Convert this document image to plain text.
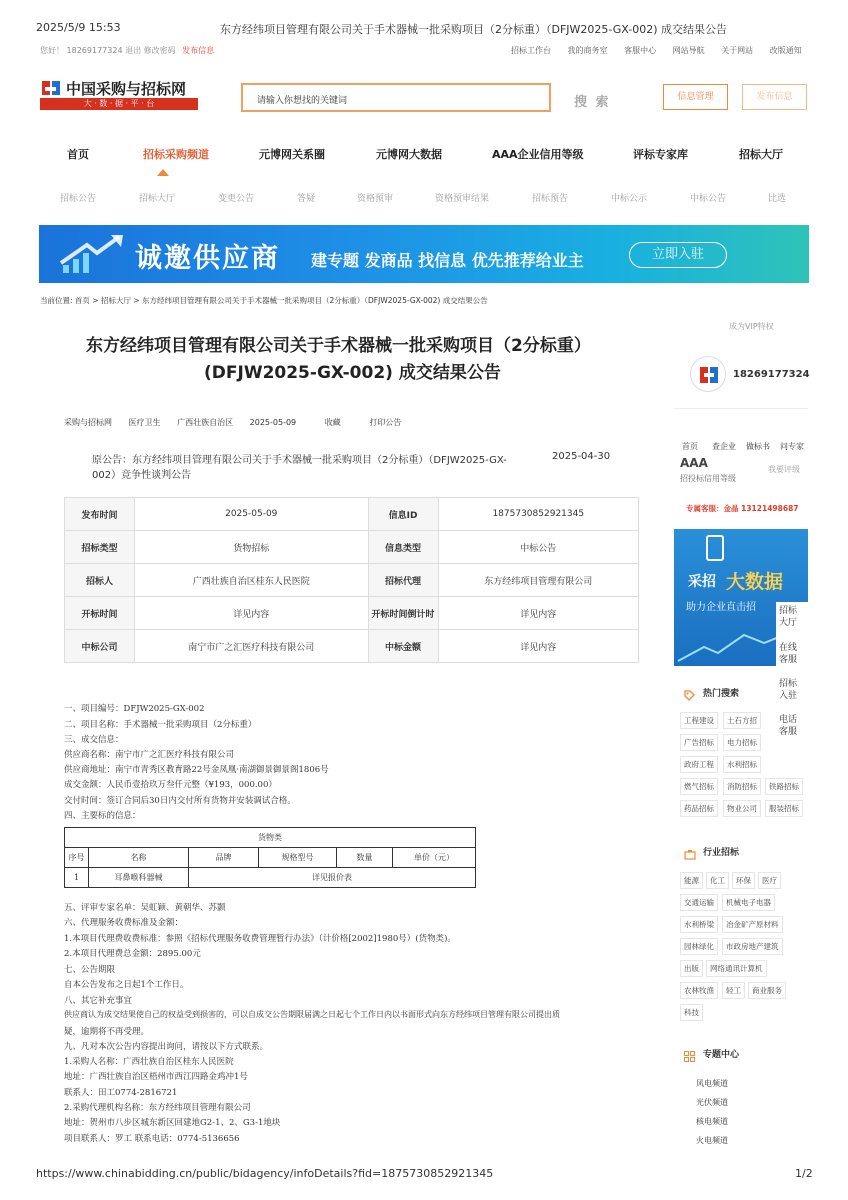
2025/5/9 15:53	东方经纬项目管理有限公司关于手术器械一批采购项目（2分标重）（DFJW2025-GX-002) 成交结果公告
您好！ 18269177324 退出 修改密码 发布信息	招标工作台 我的商务室 客服中心 网站导航 关于网站 改版通知
中国采购与招标网
大 · 数 · 据 · 平 · 台	请输入你想找的关键词	搜 索	信息管理	发布信息
首页	招标采购频道	元博网关系圈	元博网大数据	AAA企业信用等级	评标专家库	招标大厅
招标公告	招标大厅	变更公告	答疑	资格预审	资格预审结果	招标预告	中标公示	中标公告	比选
诚邀供应商 建专题 发商品 找信息 优先推荐给业主	立即入驻
当前位置: 首页 > 招标大厅 > 东方经纬项目管理有限公司关于手术器械一批采购项目（2分标重）（DFJW2025-GX-002) 成交结果公告
东方经纬项目管理有限公司关于手术器械一批采购项目（2分标重）
(DFJW2025-GX-002) 成交结果公告
采购与招标网 医疗卫生 广西壮族自治区 2025-05-09	收藏	打印公告
原公告：东方经纬项目管理有限公司关于手术器械一批采购项目（2分标重）（DFJW2025-GX-
002）竞争性谈判公告
2025-04-30
发布时间	2025-05-09	信息ID	1875730852921345
招标类型	货物招标	信息类型	中标公告
招标人	广西壮族自治区桂东人民医院	招标代理	东方经纬项目管理有限公司
开标时间	详见内容	开标时间倒计时	详见内容
中标公司	南宁市广之汇医疗科技有限公司	中标金额	详见内容
一、项目编号：DFJW2025-GX-002
二、项目名称：手术器械一批采购项目（2分标重）
三、成交信息：
供应商名称：南宁市广之汇医疗科技有限公司
供应商地址：南宁市青秀区教育路22号金凤凰·南湖御景御景阁1806号
成交金额：人民币壹拾玖万叁仟元整（¥193，000.00）
交付时间：签订合同后30日内交付所有货物并安装调试合格。
四、主要标的信息：
货物类					
序号	名称	品牌	规格型号	数量	单价（元）
1	耳鼻喉科器械	详见报价表			
五、评审专家名单：吴虹颖、黄朝华、苏颢
六、代理服务收费标准及金额：
1.本项目代理费收费标准：参照《招标代理服务收费管理暂行办法》（计价格[2002]1980号）(货物类)。
2.本项目代理费总金额：2895.00元
七、公告期限
自本公告发布之日起1个工作日。
八、其它补充事宜
供应商认为成交结果使自己的权益受到损害的，可以自成交公告期限届满之日起七个工作日内以书面形式向东方经纬项目管理有限公司提出质
疑，逾期将不再受理。
九、凡对本次公告内容提出询问，请按以下方式联系。
1.采购人名称：广西壮族自治区桂东人民医院
地址：广西壮族自治区梧州市西江四路金鸡冲1号
联系人：田工0774-2816721
2.采购代理机构名称：东方经纬项目管理有限公司
地址：贺州市八步区城东新区回建地G2-1、2、G3-1地块
项目联系人：罗工 联系电话：0774-5136656
成为VIP特权
18269177324
首页 查企业 做标书 问专家
AAA
招投标信用等级
我要评级
专属客服：金晶 13121498687
采招 大数据
助力企业直击招	招标大厅
在线客服
招标入驻
电话客服
热门搜索
工程建设	土石方招
广告招标	电力招标
政府工程	水利招标
燃气招标	消防招标	铁路招标
药品招标	物业公司	服装招标
行业招标
能源	化工	环保	医疗
交通运输	机械电子电器
水利桥梁	冶金矿产原材料
园林绿化	市政房地产建筑
出版	网络通讯计算机
农林牧渔	轻工	商业服务
科技
专题中心
风电频道
光伏频道
核电频道
火电频道
https://www.chinabidding.cn/public/bidagency/infoDetails?fid=1875730852921345	1/2
